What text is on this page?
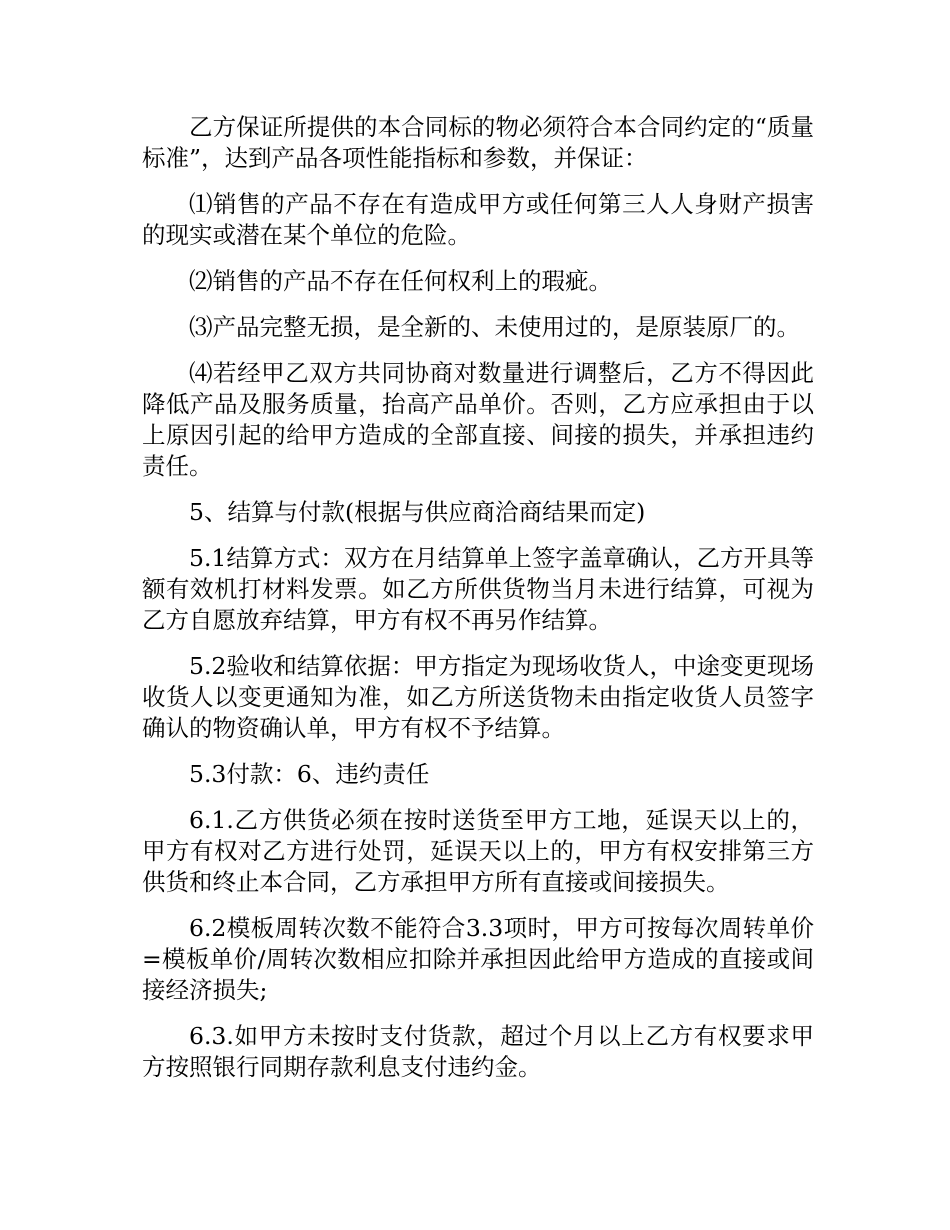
乙方保证所提供的本合同标的物必须符合本合同约定的“质量标准”，达到产品各项性能指标和参数，并保证：

⑴销售的产品不存在有造成甲方或任何第三人人身财产损害的现实或潜在某个单位的危险。

⑵销售的产品不存在任何权利上的瑕疵。

⑶产品完整无损，是全新的、未使用过的，是原装原厂的。

⑷若经甲乙双方共同协商对数量进行调整后，乙方不得因此降低产品及服务质量，抬高产品单价。否则，乙方应承担由于以上原因引起的给甲方造成的全部直接、间接的损失，并承担违约责任。

5、结算与付款(根据与供应商洽商结果而定)

5.1结算方式：双方在月结算单上签字盖章确认，乙方开具等额有效机打材料发票。如乙方所供货物当月未进行结算，可视为乙方自愿放弃结算，甲方有权不再另作结算。

5.2验收和结算依据：甲方指定为现场收货人，中途变更现场收货人以变更通知为准，如乙方所送货物未由指定收货人员签字确认的物资确认单，甲方有权不予结算。

5.3付款：6、违约责任

6.1.乙方供货必须在按时送货至甲方工地，延误天以上的，甲方有权对乙方进行处罚，延误天以上的，甲方有权安排第三方供货和终止本合同，乙方承担甲方所有直接或间接损失。

6.2模板周转次数不能符合3.3项时，甲方可按每次周转单价=模板单价/周转次数相应扣除并承担因此给甲方造成的直接或间接经济损失;

6.3.如甲方未按时支付货款，超过个月以上乙方有权要求甲方按照银行同期存款利息支付违约金。
